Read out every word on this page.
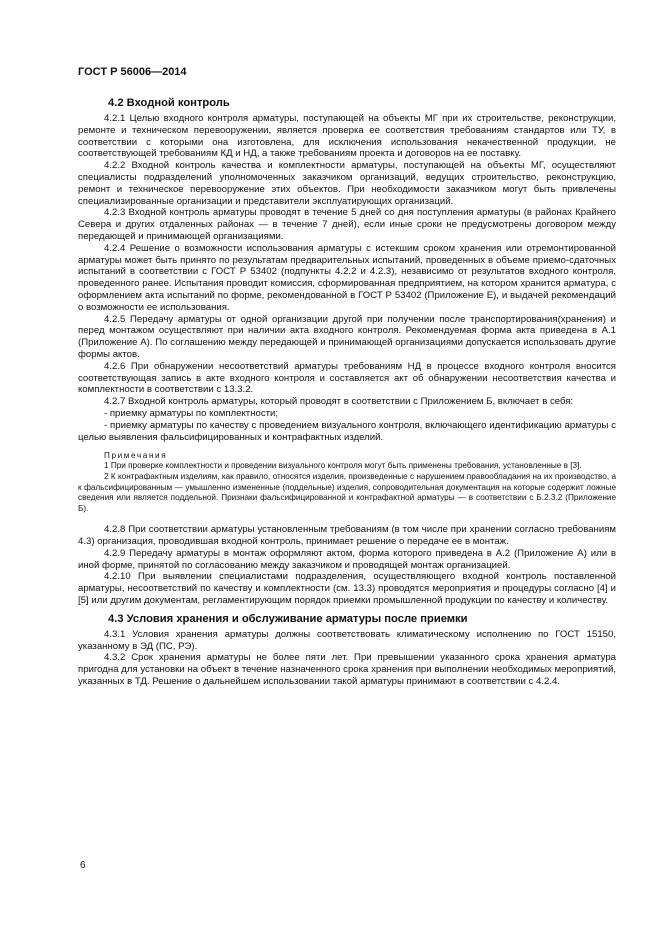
ГОСТ Р 56006—2014
4.2 Входной контроль

4.2.1 Целью входного контроля арматуры, поступающей на объекты МГ при их строительстве, реконструкции, ремонте и техническом перевооружении, является проверка ее соответствия требованиям стандартов или ТУ, в соответствии с которыми она изготовлена, для исключения использования некачественной продукции, не соответствующей требованиям КД и НД, а также требованиям проекта и договоров на ее поставку.

4.2.2 Входной контроль качества и комплектности арматуры, поступающей на объекты МГ, осуществляют специалисты подразделений уполномоченных заказчиком организаций, ведущих строительство, реконструкцию, ремонт и техническое перевооружение этих объектов. При необходимости заказчиком могут быть привлечены специализированные организации и представители эксплуатирующих организаций.

4.2.3 Входной контроль арматуры проводят в течение 5 дней со дня поступления арматуры (в районах Крайнего Севера и других отдаленных районах — в течение 7 дней), если иные сроки не предусмотрены договором между передающей и принимающей организациями.

4.2.4 Решение о возможности использования арматуры с истекшим сроком хранения или отремонтированной арматуры может быть принято по результатам предварительных испытаний, проведенных в объеме приемо-сдаточных испытаний в соответствии с ГОСТ Р 53402 (подпункты 4.2.2 и 4.2.3), независимо от результатов входного контроля, проведенного ранее. Испытания проводит комиссия, сформированная предприятием, на котором хранится арматура, с оформлением акта испытаний по форме, рекомендованной в ГОСТ Р 53402 (Приложение Е), и выдачей рекомендаций о возможности ее использования.

4.2.5 Передачу арматуры от одной организации другой при получении после транспортирования(хранения) и перед монтажом осуществляют при наличии акта входного контроля. Рекомендуемая форма акта приведена в А.1 (Приложение А). По соглашению между передающей и принимающей организациями допускается использовать другие формы актов.

4.2.6 При обнаружении несоответствий арматуры требованиям НД в процессе входного контроля вносится соответствующая запись в акте входного контроля и составляется акт об обнаружении несоответствия качества и комплектности в соответствии с 13.3.2.

4.2.7 Входной контроль арматуры, который проводят в соответствии с Приложением Б, включает в себя:

- приемку арматуры по комплектности;

- приемку арматуры по качеству с проведением визуального контроля, включающего идентификацию арматуры с целью выявления фальсифицированных и контрафактных изделий.

Примечания

1 При проверке комплектности и проведении визуального контроля могут быть применены требования, установленные в [3].

2 К контрафактным изделиям, как правило, относятся изделия, произведенные с нарушением правообладания на их производство, а к фальсифицированным — умышленно измененные (поддельные) изделия, сопроводительная документация на которые содержит ложные сведения или является поддельной. Признаки фальсифицированной и контрафактной арматуры — в соответствии с Б.2.3.2 (Приложение Б).

4.2.8 При соответствии арматуры установленным требованиям (в том числе при хранении согласно требованиям 4.3) организация, проводившая входной контроль, принимает решение о передаче ее в монтаж.

4.2.9 Передачу арматуры в монтаж оформляют актом, форма которого приведена в А.2 (Приложение А) или в иной форме, принятой по согласованию между заказчиком и проводящей монтаж организацией.

4.2.10 При выявлении специалистами подразделения, осуществляющего входной контроль поставленной арматуры, несоответствий по качеству и комплектности (см. 13.3) проводятся мероприятия и процедуры согласно [4] и [5] или другим документам, регламентирующим порядок приемки промышленной продукции по качеству и количеству.

4.3 Условия хранения и обслуживание арматуры после приемки

4.3.1 Условия хранения арматуры должны соответствовать климатическому исполнению по ГОСТ 15150, указанному в ЭД (ПС, РЭ).

4.3.2 Срок хранения арматуры не более пяти лет. При превышении указанного срока хранения арматура пригодна для установки на объект в течение назначенного срока хранения при выполнении необходимых мероприятий, указанных в ТД. Решение о дальнейшем использовании такой арматуры принимают в соответствии с 4.2.4.

6
